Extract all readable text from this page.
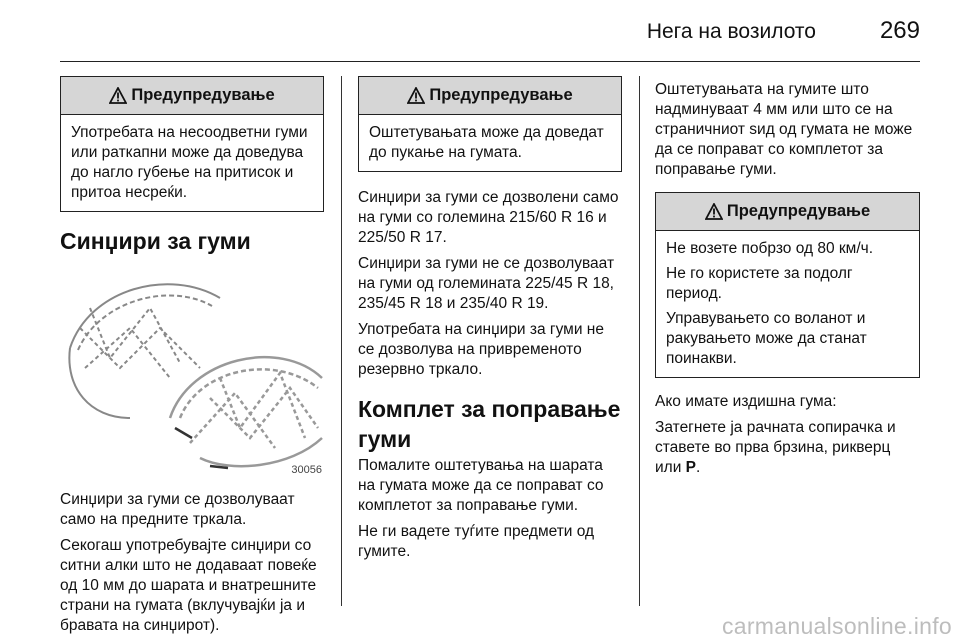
Нега на возилото	269
Предупредување

Употребата на несоодветни гуми или раткапни може да доведува до нагло губење на притисок и притоа несреќи.

Синџири за гуми
30056

Синџири за гуми се дозволуваат само на предните тркала.

Секогаш употребувајте синџири со ситни алки што не додаваат повеќе од 10 мм до шарата и внатрешните страни на гумата (вклучувајќи ја и бравата на синџирот).

Предупредување

Оштетувањата може да доведат до пукање на гумата.

Синџири за гуми се дозволени само на гуми со големина 215/60 R 16 и 225/50 R 17.

Синџири за гуми не се дозволуваат на гуми од големината 225/45 R 18, 235/45 R 18 и 235/40 R 19.

Употребата на синџири за гуми не се дозволува на привременото резервно тркало.

Комплет за поправање гуми

Помалите оштетувања на шарата на гумата може да се поправат со комплетот за поправање гуми.

Не ги вадете туѓите предмети од гумите.

Оштетувањата на гумите што надминуваат 4 мм или што се на страничниот ѕид од гумата не може да се поправат со комплетот за поправање гуми.

Предупредување

Не возете побрзо од 80 км/ч.

Не го користете за подолг период.

Управувањето со воланот и ракувањето може да станат поинакви.

Ако имате издишна гума:

Затегнете ја рачната сопирачка и ставете во прва брзина, рикверц или P.

carmanualsonline.info
